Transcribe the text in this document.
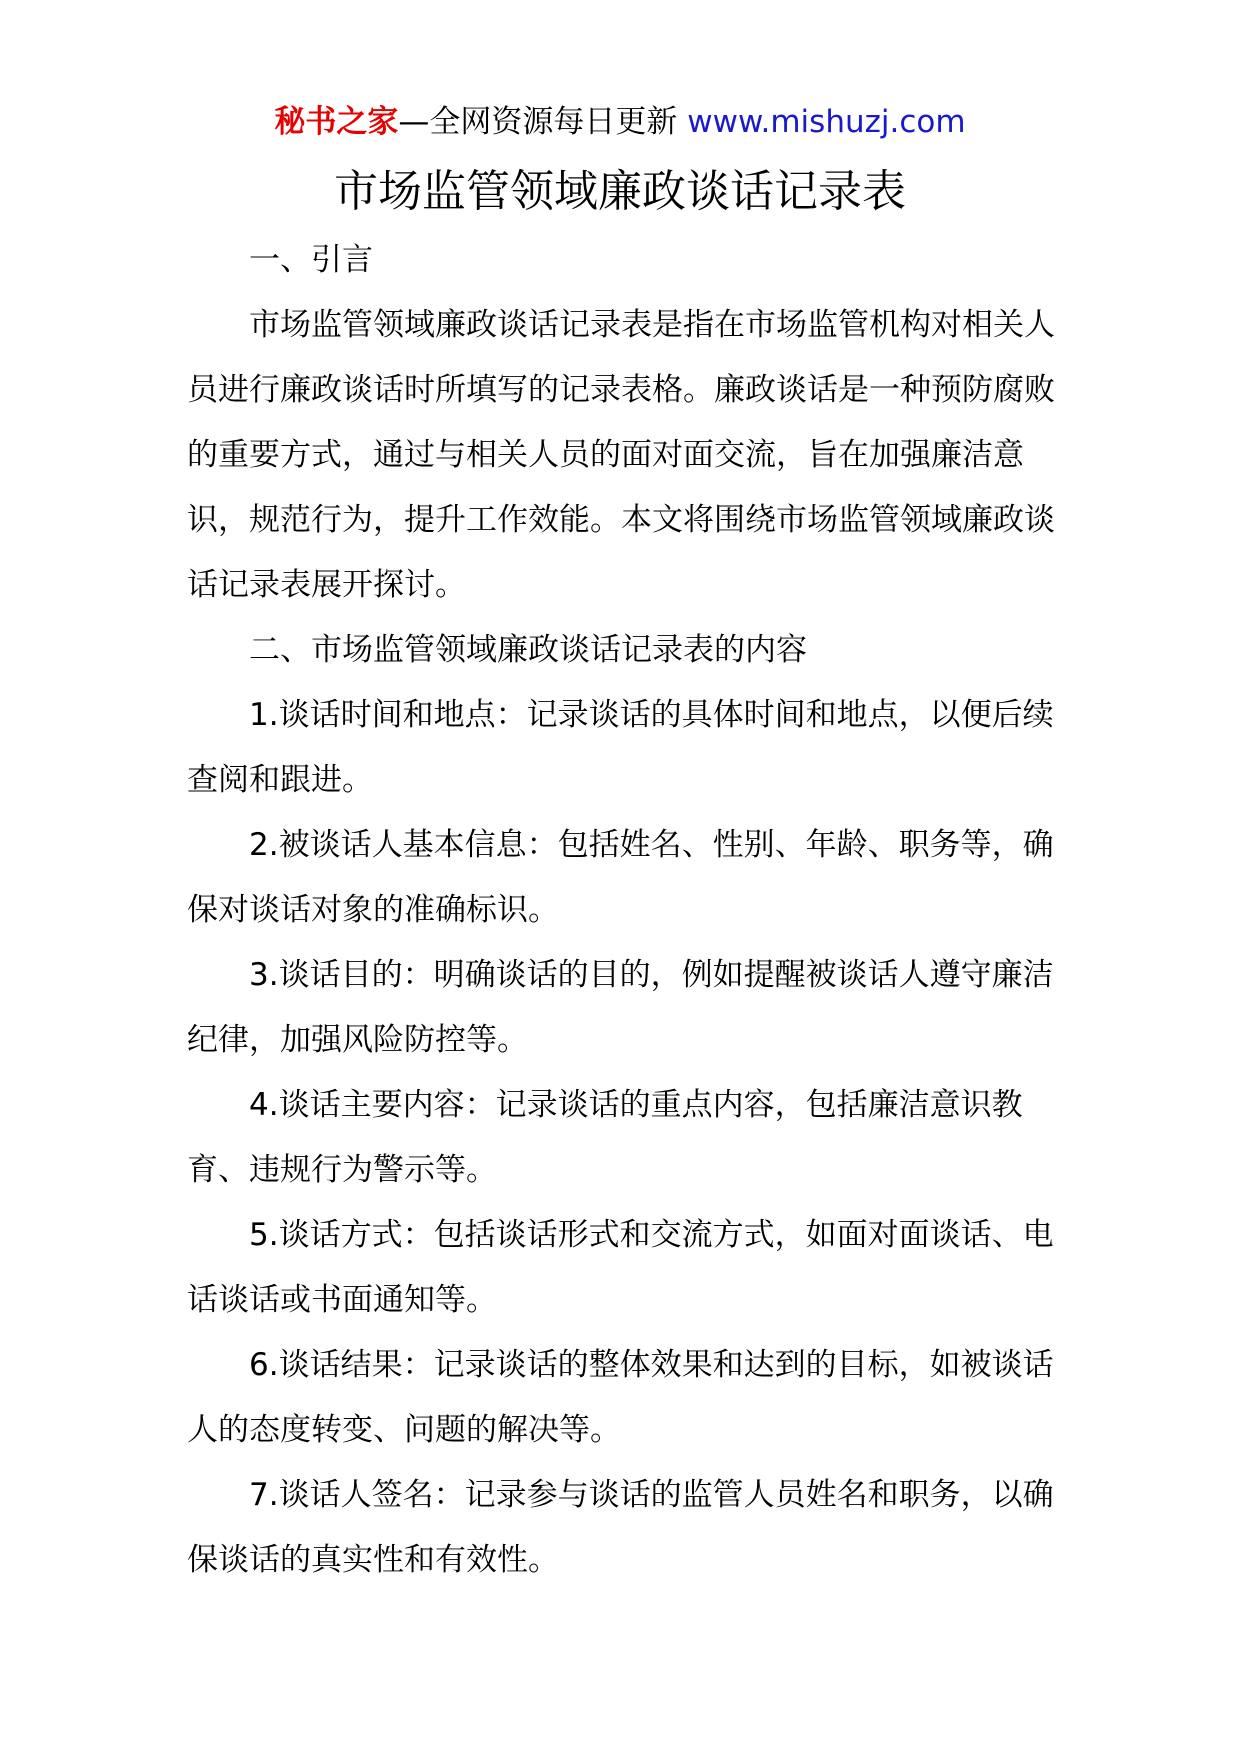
秘书之家—全网资源每日更新 www.mishuzj.com
市场监管领域廉政谈话记录表

一、引言

市场监管领域廉政谈话记录表是指在市场监管机构对相关人员进行廉政谈话时所填写的记录表格。廉政谈话是一种预防腐败的重要方式，通过与相关人员的面对面交流，旨在加强廉洁意识，规范行为，提升工作效能。本文将围绕市场监管领域廉政谈话记录表展开探讨。

二、市场监管领域廉政谈话记录表的内容

1.谈话时间和地点：记录谈话的具体时间和地点，以便后续查阅和跟进。

2.被谈话人基本信息：包括姓名、性别、年龄、职务等，确保对谈话对象的准确标识。

3.谈话目的：明确谈话的目的，例如提醒被谈话人遵守廉洁纪律，加强风险防控等。

4.谈话主要内容：记录谈话的重点内容，包括廉洁意识教育、违规行为警示等。

5.谈话方式：包括谈话形式和交流方式，如面对面谈话、电话谈话或书面通知等。

6.谈话结果：记录谈话的整体效果和达到的目标，如被谈话人的态度转变、问题的解决等。

7.谈话人签名：记录参与谈话的监管人员姓名和职务，以确保谈话的真实性和有效性。
